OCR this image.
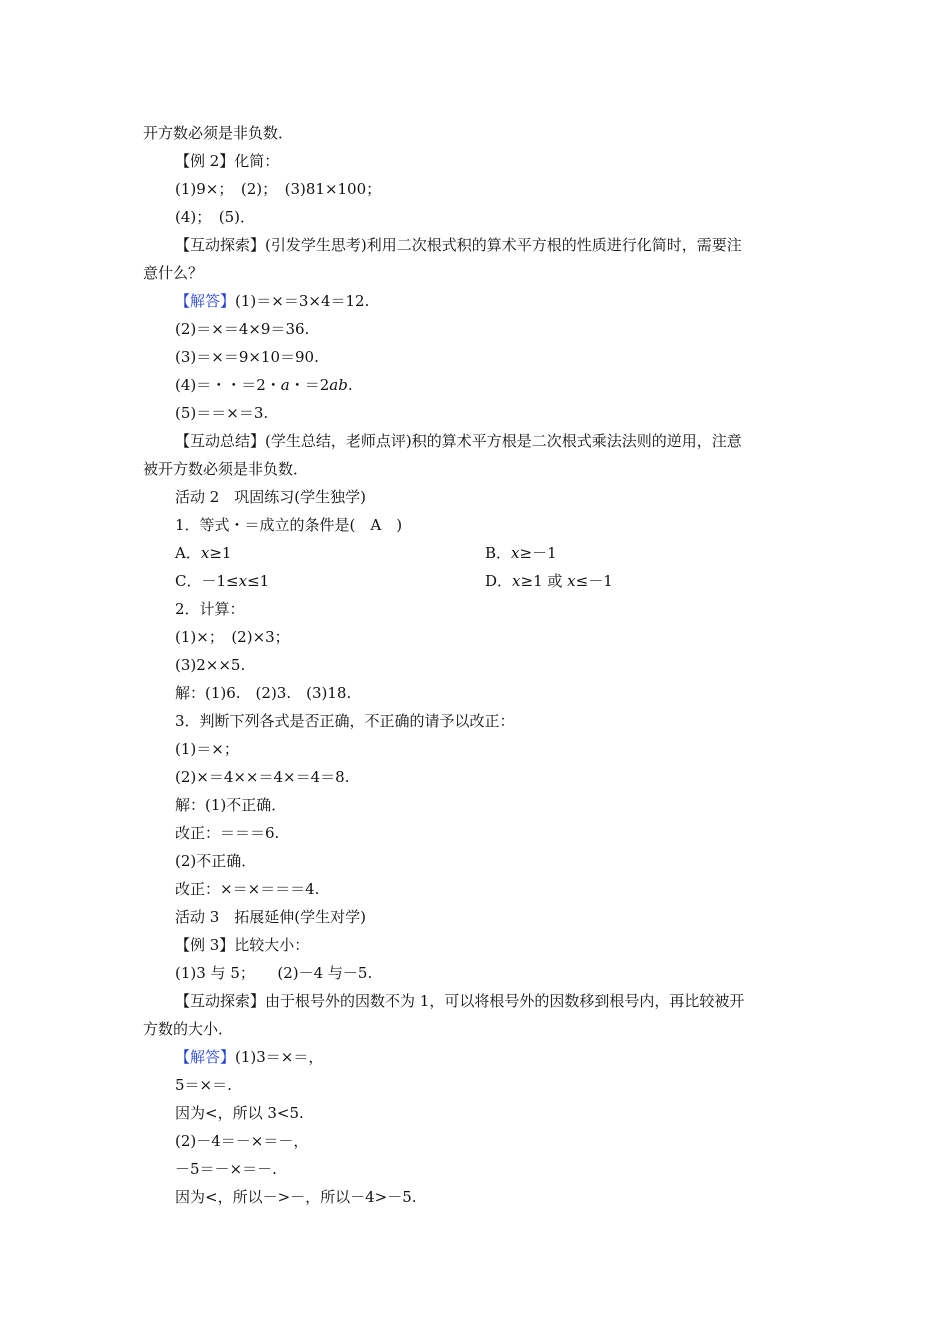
开方数必须是非负数．
【例 2】化简：
(1)9×；　(2)；　(3)81×100；
(4)；　(5)．
【互动探索】(引发学生思考)利用二次根式积的算术平方根的性质进行化简时，需要注
意什么？
【解答】(1)＝×＝3×4＝12.
(2)＝×＝4×9＝36.
(3)＝×＝9×10＝90.
(4)＝・・＝2・a・＝2ab.
(5)＝＝×＝3.
【互动总结】(学生总结，老师点评)积的算术平方根是二次根式乘法法则的逆用，注意
被开方数必须是非负数．
活动 2　巩固练习(学生独学)
1．等式・＝成立的条件是(　A　)
A．x≥1	B．x≥－1
C．－1≤x≤1	D．x≥1 或 x≤－1
2．计算：
(1)×；　(2)×3；
(3)2××5.
解：(1)6.　(2)3.　(3)18.
3．判断下列各式是否正确，不正确的请予以改正：
(1)＝×；
(2)×＝4××＝4×＝4＝8.
解：(1)不正确．
改正：＝＝＝6.
(2)不正确．
改正：×＝×＝＝＝4.
活动 3　拓展延伸(学生对学)
【例 3】比较大小：
(1)3 与 5；　　(2)－4 与－5.
【互动探索】由于根号外的因数不为 1，可以将根号外的因数移到根号内，再比较被开
方数的大小．
【解答】(1)3＝×＝，
5＝×＝.
因为<，所以 3<5.
(2)－4＝－×＝－，
－5＝－×＝－.
因为<，所以－>－，所以－4>－5.
